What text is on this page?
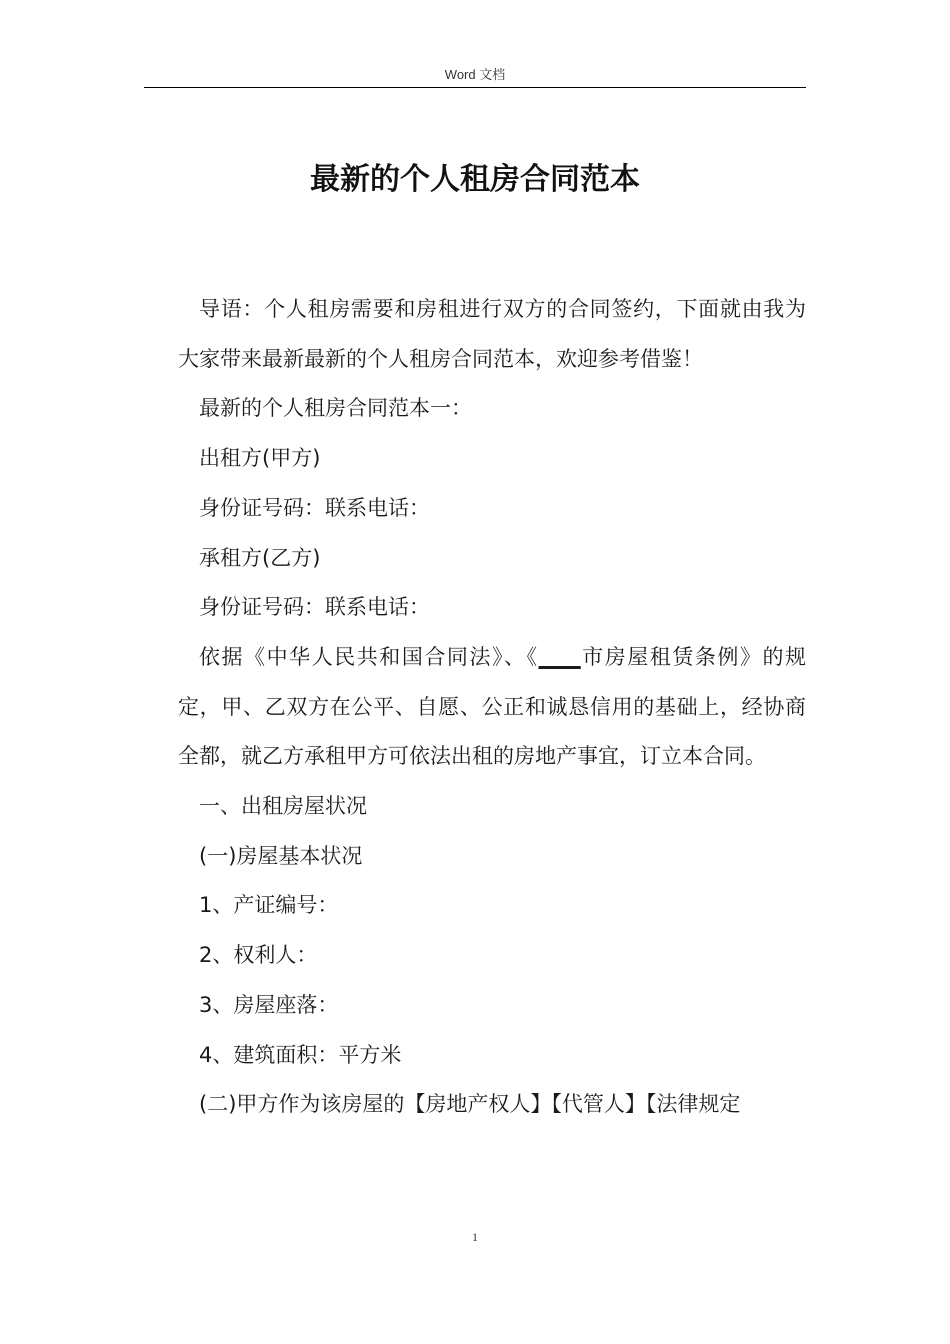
Word 文档
最新的个人租房合同范本

导语：个人租房需要和房租进行双方的合同签约，下面就由我为大家带来最新最新的个人租房合同范本，欢迎参考借鉴！

最新的个人租房合同范本一：

出租方(甲方)

身份证号码：联系电话：

承租方(乙方)

身份证号码：联系电话：

依据《中华人民共和国合同法》、《____市房屋租赁条例》的规定，甲、乙双方在公平、自愿、公正和诚恳信用的基础上，经协商全都，就乙方承租甲方可依法出租的房地产事宜，订立本合同。

一、出租房屋状况

(一)房屋基本状况

1、产证编号：

2、权利人：

3、房屋座落：

4、建筑面积：平方米

(二)甲方作为该房屋的【房地产权人】【代管人】【法律规定

1
